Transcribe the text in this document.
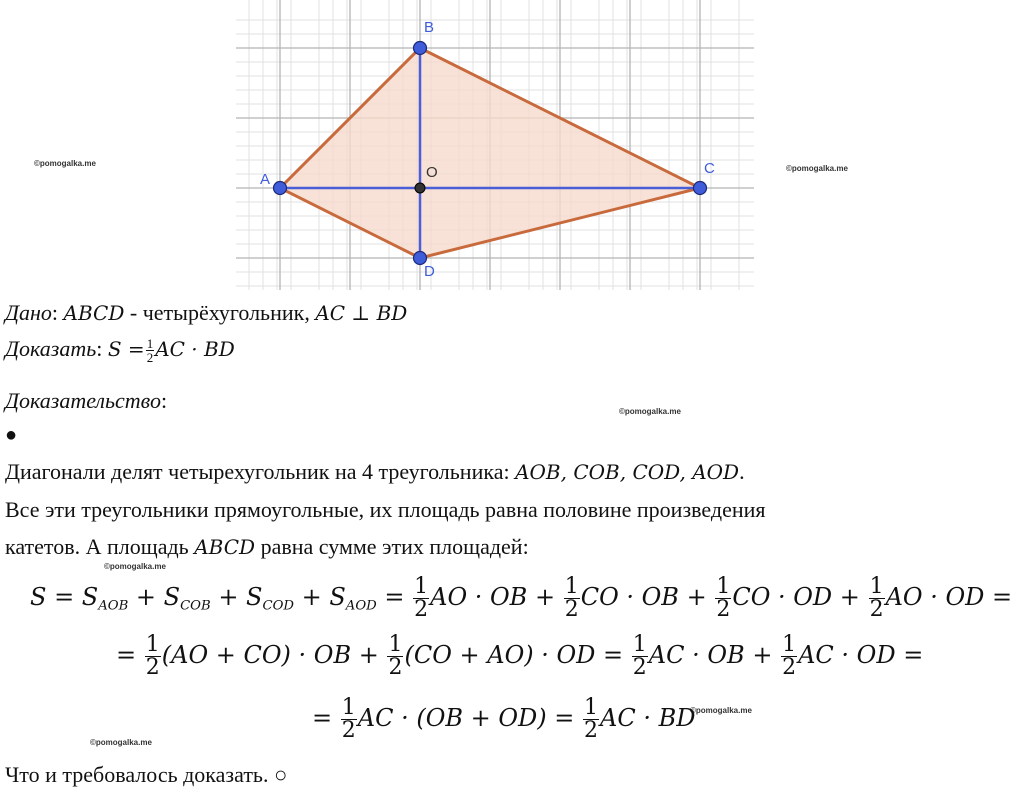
A
B
C
D
O
©pomogalka.me
©pomogalka.me
©pomogalka.me
©pomogalka.me
©pomogalka.me
©pomogalka.me
Дано: ABCD - четырёхугольник, AC ⊥ BD
Доказать: $S = \frac{1}{2}$ AC · BD
Доказательство:
●
Диагонали делят четырехугольник на 4 треугольника: AOB, COB, COD, AOD.
Все эти треугольники прямоугольные, их площадь равна половине произведения
катетов. А площадь ABCD равна сумме этих площадей:
$S = S_{AOB} + S_{COB} + S_{COD} + S_{AOD} = \frac{1}{2}$ AO · OB + $\frac{1}{2}$ CO · OB + $\frac{1}{2}$ CO · OD + $\frac{1}{2}$ AO · OD =
= $\frac{1}{2} (AO + CO)$ · OB + $\frac{1}{2} (CO + AO)$ · OD = $\frac{1}{2}$ AC · OB + $\frac{1}{2}$ AC · OD =
= $\frac{1}{2}$ AC · $(OB + OD) = \frac{1}{2}$ AC · BD
Что и требовалось доказать. ○
